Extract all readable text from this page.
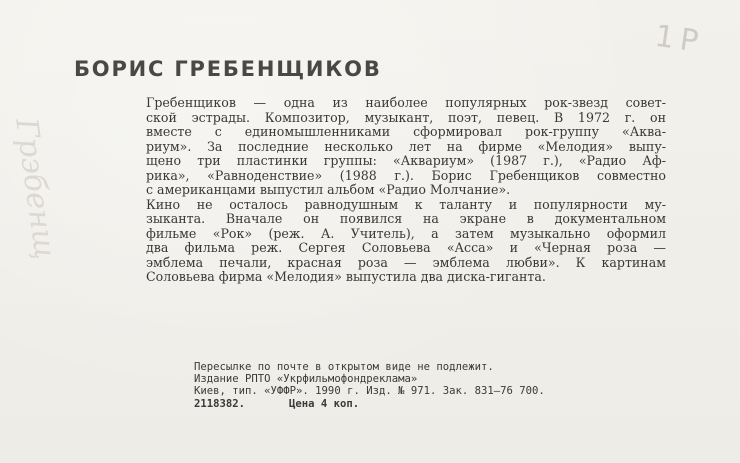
1Р
Грэбенщ
БОРИС ГРЕБЕНЩИКОВ
Гребенщиков — одна из наиболее популярных рок-звезд совет-
ской эстрады. Композитор, музыкант, поэт, певец. В 1972 г. он
вместе с единомышленниками сформировал рок-группу «Аква-
риум». За последние несколько лет на фирме «Мелодия» выпу-
щено три пластинки группы: «Аквариум» (1987 г.), «Радио Аф-
рика», «Равноденствие» (1988 г.). Борис Гребенщиков совместно
с американцами выпустил альбом «Радио Молчание».
Кино не осталось равнодушным к таланту и популярности му-
зыканта. Вначале он появился на экране в документальном
фильме «Рок» (реж. А. Учитель), а затем музыкально оформил
два фильма реж. Сергея Соловьева «Асса» и «Черная роза —
эмблема печали, красная роза — эмблема любви». К картинам
Соловьева фирма «Мелодия» выпустила два диска-гиганта.
Пересылке по почте в открытом виде не подлежит.
Издание РПТО «Укрфильмофондреклама»
Киев, тип. «УФФР». 1990 г. Изд. № 971. Зак. 831—76 700.
2118382.	Цена 4 коп.
